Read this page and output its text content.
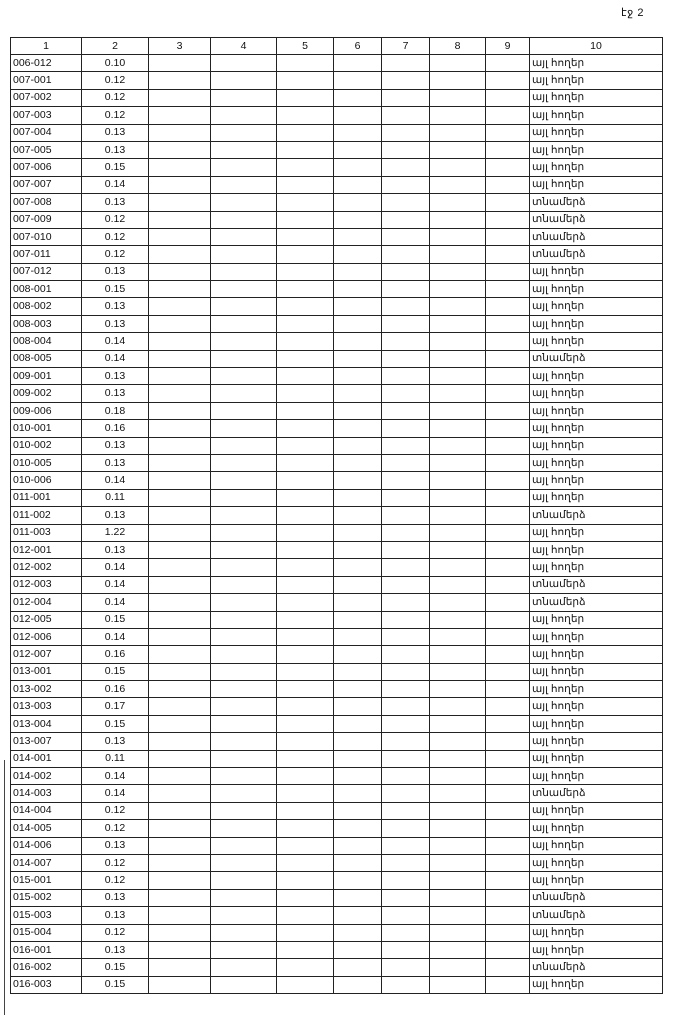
էջ 2
1	2	3	4	5	6	7	8	9	10
006-012	0.10								այլ հողեր
007-001	0.12								այլ հողեր
007-002	0.12								այլ հողեր
007-003	0.12								այլ հողեր
007-004	0.13								այլ հողեր
007-005	0.13								այլ հողեր
007-006	0.15								այլ հողեր
007-007	0.14								այլ հողեր
007-008	0.13								տնամերձ
007-009	0.12								տնամերձ
007-010	0.12								տնամերձ
007-011	0.12								տնամերձ
007-012	0.13								այլ հողեր
008-001	0.15								այլ հողեր
008-002	0.13								այլ հողեր
008-003	0.13								այլ հողեր
008-004	0.14								այլ հողեր
008-005	0.14								տնամերձ
009-001	0.13								այլ հողեր
009-002	0.13								այլ հողեր
009-006	0.18								այլ հողեր
010-001	0.16								այլ հողեր
010-002	0.13								այլ հողեր
010-005	0.13								այլ հողեր
010-006	0.14								այլ հողեր
011-001	0.11								այլ հողեր
011-002	0.13								տնամերձ
011-003	1.22								այլ հողեր
012-001	0.13								այլ հողեր
012-002	0.14								այլ հողեր
012-003	0.14								տնամերձ
012-004	0.14								տնամերձ
012-005	0.15								այլ հողեր
012-006	0.14								այլ հողեր
012-007	0.16								այլ հողեր
013-001	0.15								այլ հողեր
013-002	0.16								այլ հողեր
013-003	0.17								այլ հողեր
013-004	0.15								այլ հողեր
013-007	0.13								այլ հողեր
014-001	0.11								այլ հողեր
014-002	0.14								այլ հողեր
014-003	0.14								տնամերձ
014-004	0.12								այլ հողեր
014-005	0.12								այլ հողեր
014-006	0.13								այլ հողեր
014-007	0.12								այլ հողեր
015-001	0.12								այլ հողեր
015-002	0.13								տնամերձ
015-003	0.13								տնամերձ
015-004	0.12								այլ հողեր
016-001	0.13								այլ հողեր
016-002	0.15								տնամերձ
016-003	0.15								այլ հողեր
